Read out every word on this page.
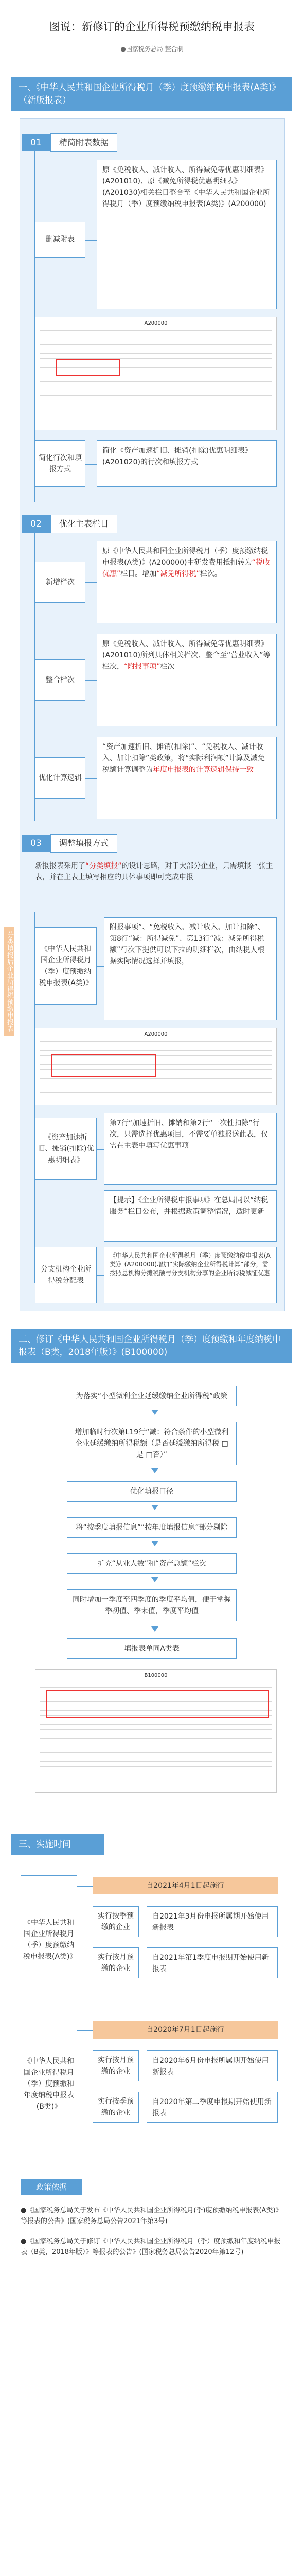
图说：新修订的企业所得税预缴纳税申报表
●国家税务总局 整合制
一、《中华人民共和国企业所得税月（季）度预缴纳税申报表(A类)》（新版报表）
01	精简附表数据
删减附表
原《免税收入、减计收入、所得减免等优惠明细表》(A201010)、原《减免所得税优惠明细表》(A201030)相关栏目整合至《中华人民共和国企业所得税月（季）度预缴纳税申报表(A类)》(A200000)
A200000
简化行次和填报方式
简化《资产加速折旧、摊销(扣除)优惠明细表》(A201020)的行次和填报方式
02	优化主表栏目
新增栏次
原《中华人民共和国企业所得税月（季）度预缴纳税申报表(A类)》(A200000)中研发费用抵扣转为“税收优惠”栏目。增加“减免所得税”栏次。
整合栏次
原《免税收入、减计收入、所得减免等优惠明细表》(A201010)所列具体相关栏次、整合至“营业收入”等栏次，“附报事项”栏次
优化计算逻辑
“资产加速折旧、摊销(扣除)”、“免税收入、减计收入、加计扣除”类政策，将“实际利润额”计算及减免税额计算调整为年度申报表的计算逻辑保持一致
03	调整填报方式
新报报表采用了“分类填报”的设计思路，对于大部分企业，只需填报一张主表，并在主表上填写相应的具体事项即可完成申报
《中华人民共和国企业所得税月（季）度预缴纳税申报表(A类)》
附报事项”、“免税收入、减计收入、加计扣除”、第8行“减：所得减免”、第13行“减：减免所得税额”行次下提供可以下拉的明细栏次，由纳税人根据实际情况选择并填报，
A200000
《资产加速折旧、摊销(扣除)优惠明细表》
第7行“加速折旧、摊销和第2行“一次性扣除”行次，只需选择优惠项目，不需要单独报送此表，仅需在主表中填写优惠事项
【提示】《企业所得税申报事项》在总局同以“纳税服务”栏目公布，并根据政策调整情况，适时更新
分支机构企业所得税分配表
《中华人民共和国企业所得税月（季）度预缴纳税申报表(A类)》(A200000)增加“实际缴纳企业所得税计算”部分，需按照总机构分摊税额与分支机构分享的企业所得税减征优惠
分类填报后企业所得税预缴申报表
二、修订《中华人民共和国企业所得税月（季）度预缴和年度纳税申报表（B类，2018年版）》(B100000)
为落实“小型微利企业延缓缴纳企业所得税”政策
增加临时行次第L19行“减：符合条件的小型微利企业延缓缴纳所得税额（是否延缓缴纳所得税 □是 □否）”
优化填报口径
将“按季度填报信息”“按年度填报信息”部分剔除
扩充“从业人数”和“资产总额”栏次
同时增加一季度至四季度的季度平均值，便于掌握季初值、季末值，季度平均值
填报表单同A类表
B100000
三、实施时间
《中华人民共和国企业所得税月（季）度预缴纳税申报表(A类)》
自2021年4月1日起施行
实行按季预缴的企业
自2021年3月份申报所属期开始使用新报表
实行按月预缴的企业
自2021年第1季度申报期开始使用新报表
《中华人民共和国企业所得税月（季）度预缴和年度纳税申报表(B类)》
自2020年7月1日起施行
实行按月预缴的企业
自2020年6月份申报所属期开始使用新报表
实行按季预缴的企业
自2020年第二季度申报期开始使用新报表
政策依据
●《国家税务总局关于发布《中华人民共和国企业所得税月(季)度预缴纳税申报表(A类)》等报表的公告》(国家税务总局公告2021年第3号)
●《国家税务总局关于修订《中华人民共和国企业所得税月（季）度预缴和年度纳税申报表（B类，2018年版）》等报表的公告》(国家税务总局公告2020年第12号)
